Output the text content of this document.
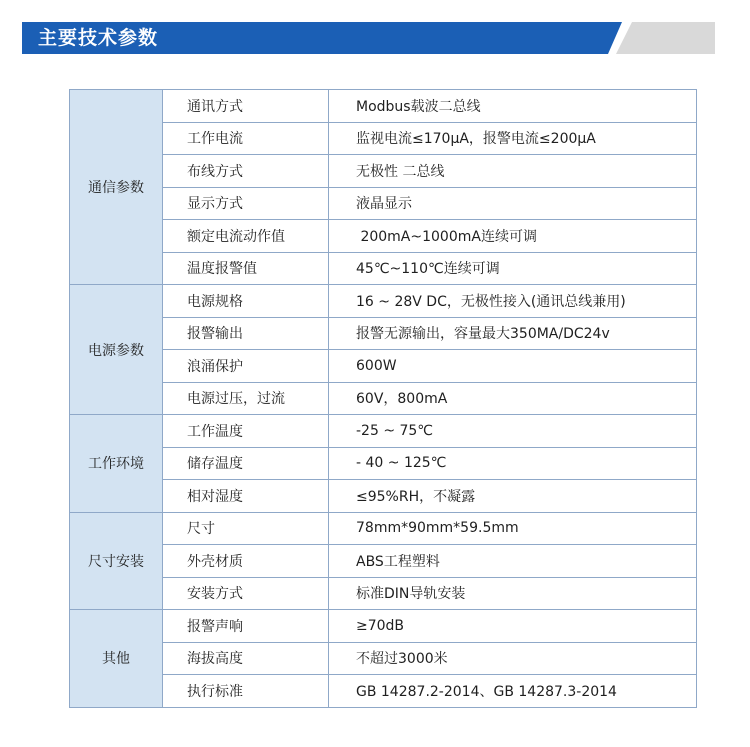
主要技术参数
通信参数	通讯方式	Modbus载波二总线
	工作电流	监视电流≤170μA，报警电流≤200μA
	布线方式	无极性 二总线
	显示方式	液晶显示
	额定电流动作值	200mA~1000mA连续可调
	温度报警值	45℃~110℃连续可调
电源参数	电源规格	16 ~ 28V DC，无极性接入(通讯总线兼用)
	报警输出	报警无源输出，容量最大350MA/DC24v
	浪涌保护	600W
	电源过压，过流	60V，800mA
工作环境	工作温度	-25 ~ 75℃
	储存温度	- 40 ~ 125℃
	相对湿度	≤95%RH，不凝露
尺寸安装	尺寸	78mm*90mm*59.5mm
	外壳材质	ABS工程塑料
	安装方式	标准DIN导轨安装
其他	报警声响	≥70dB
	海拔高度	不超过3000米
	执行标准	GB 14287.2-2014、GB 14287.3-2014
